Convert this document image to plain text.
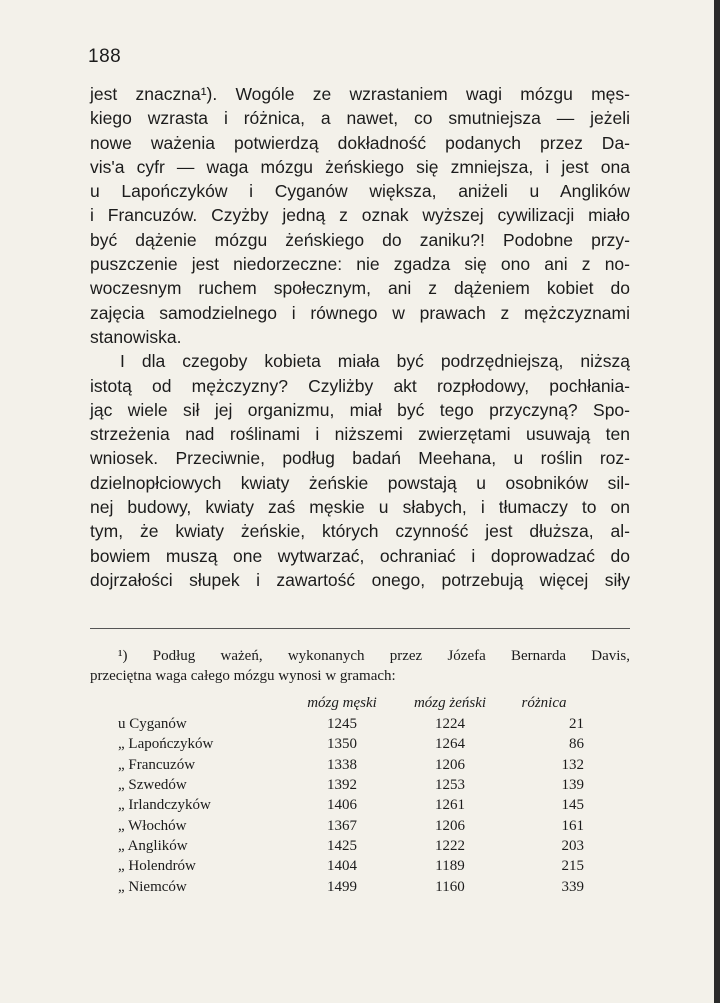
188
jest znaczna¹). Wogóle ze wzrastaniem wagi mózgu męs-
kiego wzrasta i różnica, a nawet, co smutniejsza — jeżeli
nowe ważenia potwierdzą dokładność podanych przez Da-
vis'a cyfr — waga mózgu żeńskiego się zmniejsza, i jest ona
u Lapończyków i Cyganów większa, aniżeli u Anglików
i Francuzów. Czyżby jedną z oznak wyższej cywilizacji miało
być dążenie mózgu żeńskiego do zaniku?! Podobne przy-
puszczenie jest niedorzeczne: nie zgadza się ono ani z no-
woczesnym ruchem społecznym, ani z dążeniem kobiet do
zajęcia samodzielnego i równego w prawach z mężczyznami
stanowiska.
I dla czegoby kobieta miała być podrzędniejszą, niższą
istotą od mężczyzny? Czyliżby akt rozpłodowy, pochłania-
jąc wiele sił jej organizmu, miał być tego przyczyną? Spo-
strzeżenia nad roślinami i niższemi zwierzętami usuwają ten
wniosek. Przeciwnie, podług badań Meehana, u roślin roz-
dzielnopłciowych kwiaty żeńskie powstają u osobników sil-
nej budowy, kwiaty zaś męskie u słabych, i tłumaczy to on
tym, że kwiaty żeńskie, których czynność jest dłuższa, al-
bowiem muszą one wytwarzać, ochraniać i doprowadzać do
dojrzałości słupek i zawartość onego, potrzebują więcej siły
¹) Podług ważeń, wykonanych przez Józefa Bernarda Davis,
przeciętna waga całego mózgu wynosi w gramach:
	mózg męski	mózg żeński	różnica
u Cyganów	1245	1224	21
„ Lapończyków	1350	1264	86
„ Francuzów	1338	1206	132
„ Szwedów	1392	1253	139
„ Irlandczyków	1406	1261	145
„ Włochów	1367	1206	161
„ Anglików	1425	1222	203
„ Holendrów	1404	1189	215
„ Niemców	1499	1160	339
